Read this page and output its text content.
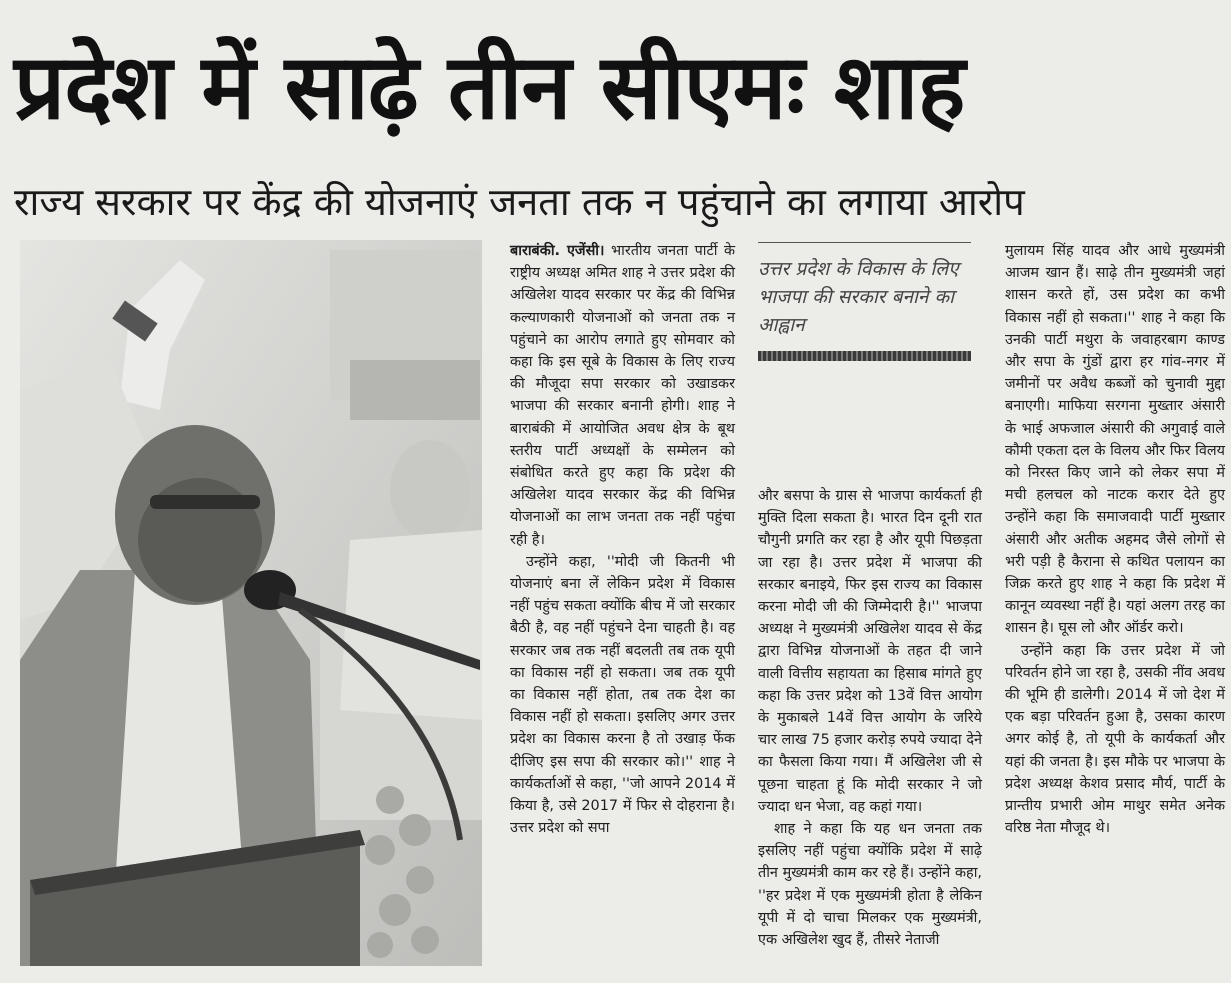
प्रदेश में साढ़े तीन सीएमः शाह
राज्य सरकार पर केंद्र की योजनाएं जनता तक न पहुंचाने का लगाया आरोप
उत्तर प्रदेश के विकास के लिए भाजपा की सरकार बनाने का आह्वान

बाराबंकी. एजेंसी। भारतीय जनता पार्टी के राष्ट्रीय अध्यक्ष अमित शाह ने उत्तर प्रदेश की अखिलेश यादव सरकार पर केंद्र की विभिन्न कल्याणकारी योजनाओं को जनता तक न पहुंचाने का आरोप लगाते हुए सोमवार को कहा कि इस सूबे के विकास के लिए राज्य की मौजूदा सपा सरकार को उखाडकर भाजपा की सरकार बनानी होगी। शाह ने बाराबंकी में आयोजित अवध क्षेत्र के बूथ स्तरीय पार्टी अध्यक्षों के सम्मेलन को संबोधित करते हुए कहा कि प्रदेश की अखिलेश यादव सरकार केंद्र की विभिन्न योजनाओं का लाभ जनता तक नहीं पहुंचा रही है।

उन्होंने कहा, ''मोदी जी कितनी भी योजनाएं बना लें लेकिन प्रदेश में विकास नहीं पहुंच सकता क्योंकि बीच में जो सरकार बैठी है, वह नहीं पहुंचने देना चाहती है। वह सरकार जब तक नहीं बदलती तब तक यूपी का विकास नहीं हो सकता। जब तक यूपी का विकास नहीं होता, तब तक देश का विकास नहीं हो सकता। इसलिए अगर उत्तर प्रदेश का विकास करना है तो उखाड़ फेंक दीजिए इस सपा की सरकार को।'' शाह ने कार्यकर्ताओं से कहा, ''जो आपने 2014 में किया है, उसे 2017 में फिर से दोहराना है। उत्तर प्रदेश को सपा

और बसपा के ग्रास से भाजपा कार्यकर्ता ही मुक्ति दिला सकता है। भारत दिन दूनी रात चौगुनी प्रगति कर रहा है और यूपी पिछड़ता जा रहा है। उत्तर प्रदेश में भाजपा की सरकार बनाइये, फिर इस राज्य का विकास करना मोदी जी की जिम्मेदारी है।'' भाजपा अध्यक्ष ने मुख्यमंत्री अखिलेश यादव से केंद्र द्वारा विभिन्न योजनाओं के तहत दी जाने वाली वित्तीय सहायता का हिसाब मांगते हुए कहा कि उत्तर प्रदेश को 13वें वित्त आयोग के मुकाबले 14वें वित्त आयोग के जरिये चार लाख 75 हजार करोड़ रुपये ज्यादा देने का फैसला किया गया। मैं अखिलेश जी से पूछना चाहता हूं कि मोदी सरकार ने जो ज्यादा धन भेजा, वह कहां गया।

शाह ने कहा कि यह धन जनता तक इसलिए नहीं पहुंचा क्योंकि प्रदेश में साढ़े तीन मुख्यमंत्री काम कर रहे हैं। उन्होंने कहा, ''हर प्रदेश में एक मुख्यमंत्री होता है लेकिन यूपी में दो चाचा मिलकर एक मुख्यमंत्री, एक अखिलेश खुद हैं, तीसरे नेताजी

मुलायम सिंह यादव और आधे मुख्यमंत्री आजम खान हैं। साढ़े तीन मुख्यमंत्री जहां शासन करते हों, उस प्रदेश का कभी विकास नहीं हो सकता।'' शाह ने कहा कि उनकी पार्टी मथुरा के जवाहरबाग काण्ड और सपा के गुंडों द्वारा हर गांव-नगर में जमीनों पर अवैध कब्जों को चुनावी मुद्दा बनाएगी। माफिया सरगना मुख्तार अंसारी के भाई अफजाल अंसारी की अगुवाई वाले कौमी एकता दल के विलय और फिर विलय को निरस्त किए जाने को लेकर सपा में मची हलचल को नाटक करार देते हुए उन्होंने कहा कि समाजवादी पार्टी मुख्तार अंसारी और अतीक अहमद जैसे लोगों से भरी पड़ी है कैराना से कथित पलायन का जिक्र करते हुए शाह ने कहा कि प्रदेश में कानून व्यवस्था नहीं है। यहां अलग तरह का शासन है। घूस लो और ऑर्डर करो।

उन्होंने कहा कि उत्तर प्रदेश में जो परिवर्तन होने जा रहा है, उसकी नींव अवध की भूमि ही डालेगी। 2014 में जो देश में एक बड़ा परिवर्तन हुआ है, उसका कारण अगर कोई है, तो यूपी के कार्यकर्ता और यहां की जनता है। इस मौके पर भाजपा के प्रदेश अध्यक्ष केशव प्रसाद मौर्य, पार्टी के प्रान्तीय प्रभारी ओम माथुर समेत अनेक वरिष्ठ नेता मौजूद थे।
